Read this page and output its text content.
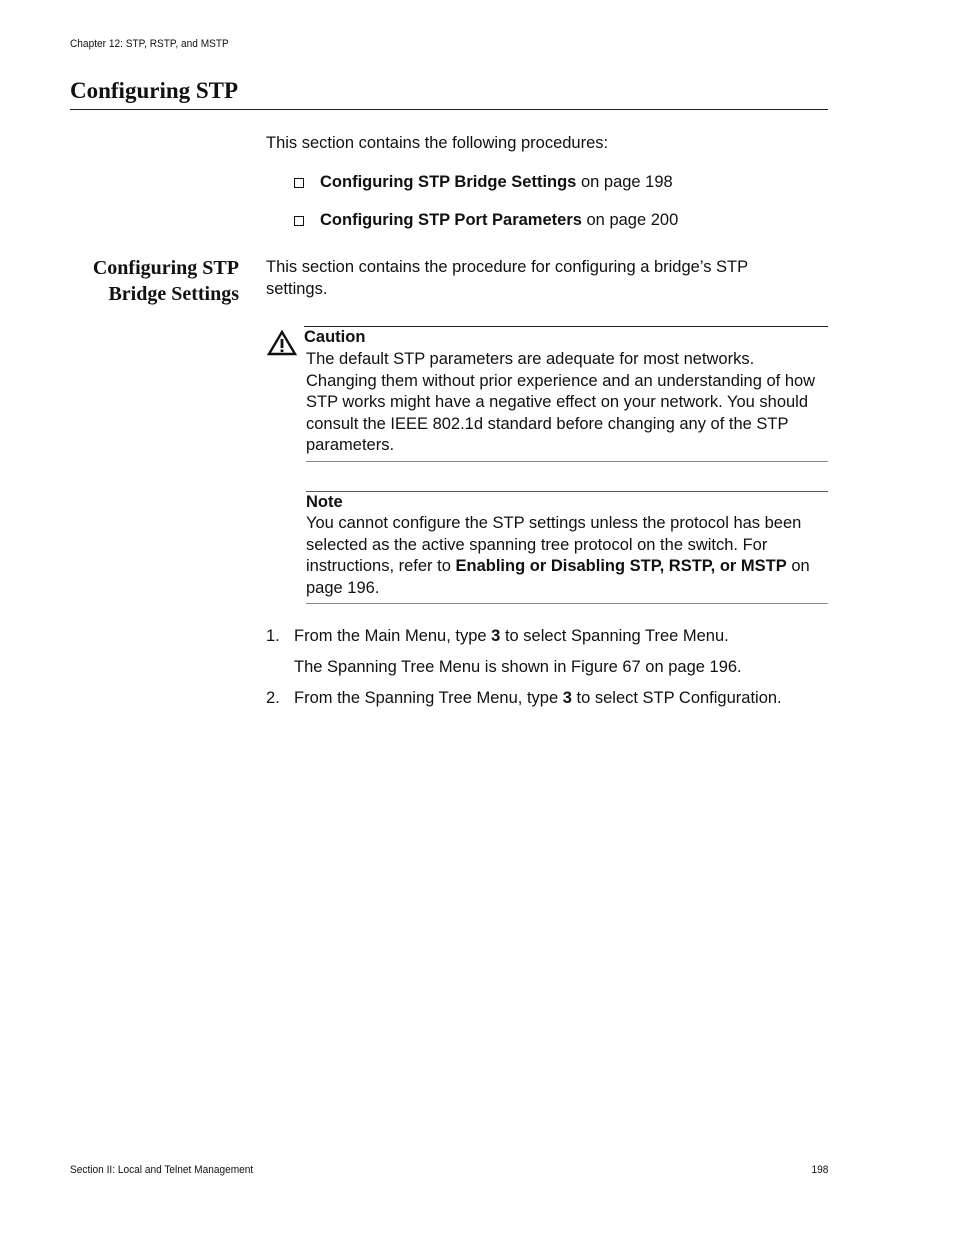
Chapter 12: STP, RSTP, and MSTP
Configuring STP
This section contains the following procedures:
Configuring STP Bridge Settings on page 198
Configuring STP Port Parameters on page 200
Configuring STP
Bridge Settings
This section contains the procedure for configuring a bridge’s STP settings.
Caution
The default STP parameters are adequate for most networks. Changing them without prior experience and an understanding of how STP works might have a negative effect on your network. You should consult the IEEE 802.1d standard before changing any of the STP parameters.
Note
You cannot configure the STP settings unless the protocol has been selected as the active spanning tree protocol on the switch. For instructions, refer to Enabling or Disabling STP, RSTP, or MSTP on page 196.
1. From the Main Menu, type 3 to select Spanning Tree Menu.
The Spanning Tree Menu is shown in Figure 67 on page 196.
2. From the Spanning Tree Menu, type 3 to select STP Configuration.
Section II: Local and Telnet Management	198
